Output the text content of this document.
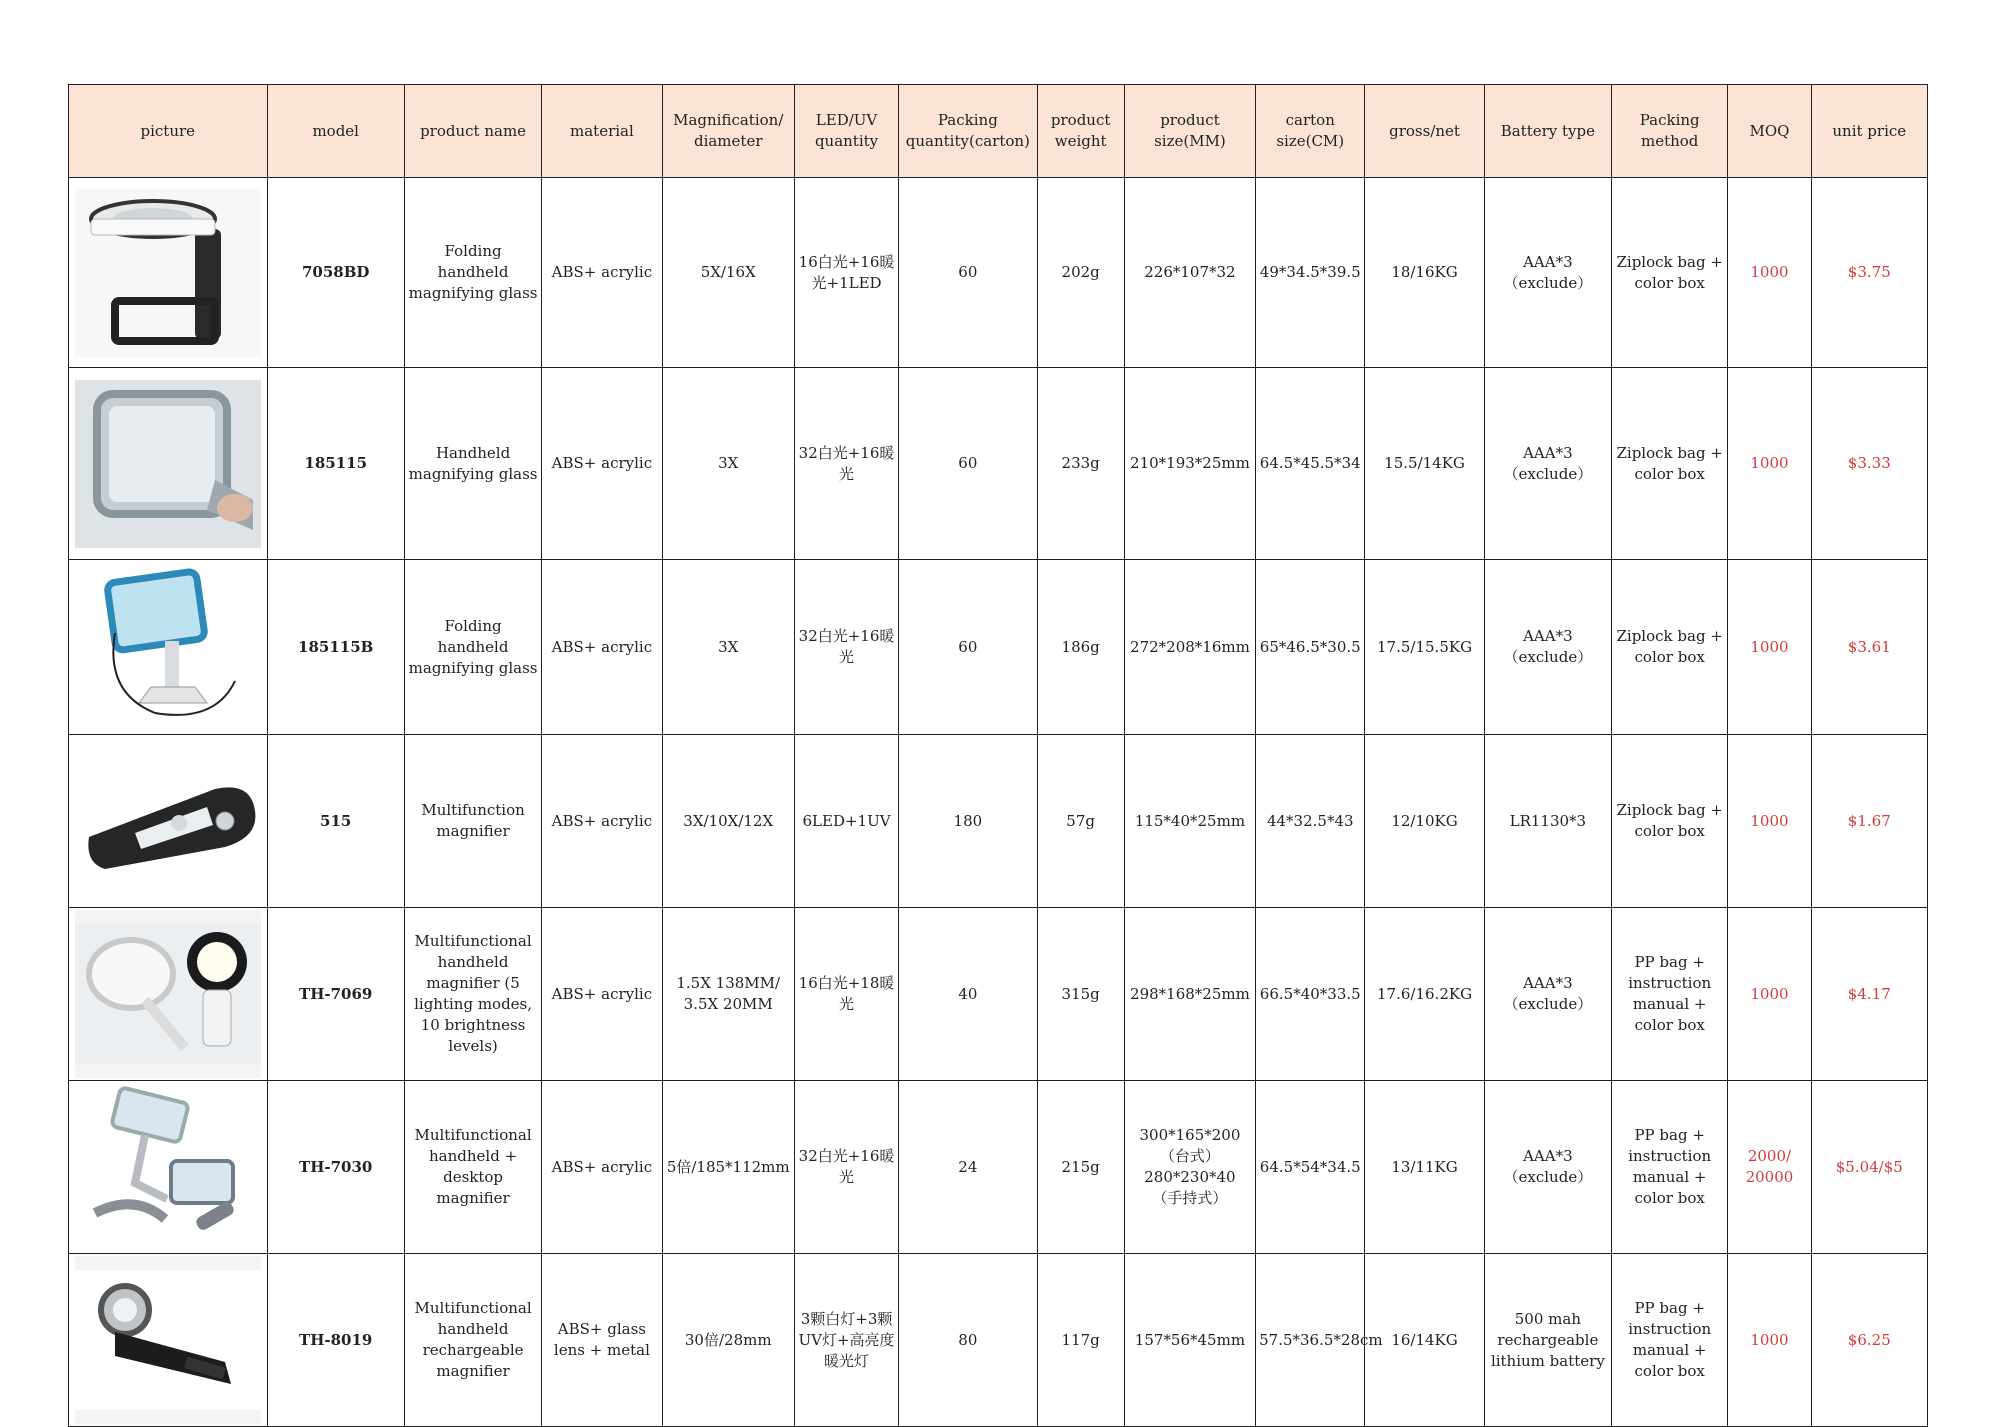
picture	model	product name	material	Magnification/ diameter	LED/UV quantity	Packing quantity(carton)	product weight	product size(MM)	carton size(CM)	gross/net	Battery type	Packing method	MOQ	unit price

	7058BD	Folding handheld magnifying glass	ABS+ acrylic	5X/16X	16白光+16暖光+1LED	60	202g	226*107*32	49*34.5*39.5	18/16KG	AAA*3 （exclude）	Ziplock bag + color box	1000	$3.75

	185115	Handheld magnifying glass	ABS+ acrylic	3X	32白光+16暖光	60	233g	210*193*25mm	64.5*45.5*34	15.5/14KG	AAA*3 （exclude）	Ziplock bag + color box	1000	$3.33

	185115B	Folding handheld magnifying glass	ABS+ acrylic	3X	32白光+16暖光	60	186g	272*208*16mm	65*46.5*30.5	17.5/15.5KG	AAA*3 （exclude）	Ziplock bag + color box	1000	$3.61

	515	Multifunction magnifier	ABS+ acrylic	3X/10X/12X	6LED+1UV	180	57g	115*40*25mm	44*32.5*43	12/10KG	LR1130*3	Ziplock bag + color box	1000	$1.67

	TH-7069	Multifunctional handheld magnifier (5 lighting modes, 10 brightness levels)	ABS+ acrylic	1.5X 138MM/ 3.5X 20MM	16白光+18暖光	40	315g	298*168*25mm	66.5*40*33.5	17.6/16.2KG	AAA*3 （exclude）	PP bag + instruction manual + color box	1000	$4.17

	TH-7030	Multifunctional handheld + desktop magnifier	ABS+ acrylic	5倍/185*112mm	32白光+16暖光	24	215g	300*165*200 （台式） 280*230*40 （手持式）	64.5*54*34.5	13/11KG	AAA*3 （exclude）	PP bag + instruction manual + color box	2000/ 20000	$5.04/$5

	TH-8019	Multifunctional handheld rechargeable magnifier	ABS+ glass lens + metal	30倍/28mm	3颗白灯+3颗UV灯+高亮度暖光灯	80	117g	157*56*45mm	57.5*36.5*28cm	16/14KG	500 mah rechargeable lithium battery	PP bag + instruction manual + color box	1000	$6.25
